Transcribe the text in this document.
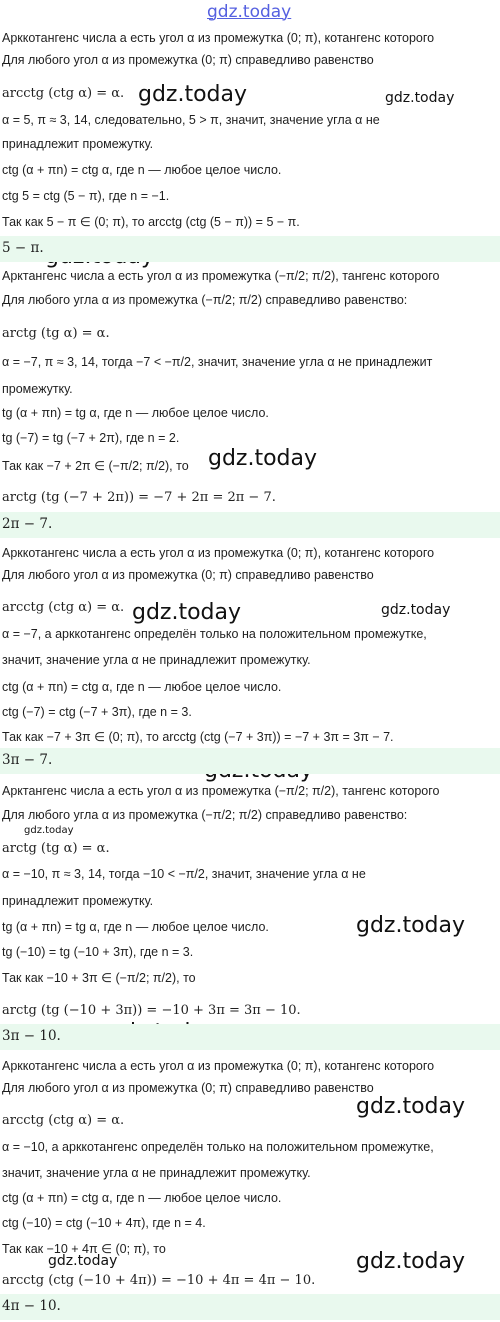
gdz.today
gdz.today	gdz.today
gdz.today
gdz.today	gdz.today
gdz.today
gdz.today
gdz.today
gdz.today	gdz.today
5 − π.
2π − 7.
3π − 7.
3π − 10.
4π − 10.
Арккотангенс числа a есть угол α из промежутка (0; π), котангенс которого
Для любого угол α из промежутка (0; π) справедливо равенство
arcctg (ctg α) = α.
α = 5, π ≈ 3, 14, следовательно, 5 > π, значит, значение угла α не
принадлежит промежутку.
ctg (α + πn) = ctg α, где n — любое целое число.
ctg 5 = ctg (5 − π), где n = −1.
Так как 5 − π ∈ (0; π), то arcctg (ctg (5 − π)) = 5 − π.
Арктангенс числа a есть угол α из промежутка (−π/2; π/2), тангенс которого
Для любого угла α из промежутка (−π/2; π/2) справедливо равенство:
arctg (tg α) = α.
α = −7, π ≈ 3, 14, тогда −7 < −π/2, значит, значение угла α не принадлежит
промежутку.
tg (α + πn) = tg α, где n — любое целое число.
tg (−7) = tg (−7 + 2π), где n = 2.
Так как −7 + 2π ∈ (−π/2; π/2), то
arctg (tg (−7 + 2π)) = −7 + 2π = 2π − 7.
Арккотангенс числа a есть угол α из промежутка (0; π), котангенс которого
Для любого угол α из промежутка (0; π) справедливо равенство
arcctg (ctg α) = α.
α = −7, а арккотангенс определён только на положительном промежутке,
значит, значение угла α не принадлежит промежутку.
ctg (α + πn) = ctg α, где n — любое целое число.
ctg (−7) = ctg (−7 + 3π), где n = 3.
Так как −7 + 3π ∈ (0; π), то arcctg (ctg (−7 + 3π)) = −7 + 3π = 3π − 7.
Арктангенс числа a есть угол α из промежутка (−π/2; π/2), тангенс которого
Для любого угла α из промежутка (−π/2; π/2) справедливо равенство:
arctg (tg α) = α.
α = −10, π ≈ 3, 14, тогда −10 < −π/2, значит, значение угла α не
принадлежит промежутку.
tg (α + πn) = tg α, где n — любое целое число.
tg (−10) = tg (−10 + 3π), где n = 3.
Так как −10 + 3π ∈ (−π/2; π/2), то
arctg (tg (−10 + 3π)) = −10 + 3π = 3π − 10.
Арккотангенс числа a есть угол α из промежутка (0; π), котангенс которого
Для любого угол α из промежутка (0; π) справедливо равенство
arcctg (ctg α) = α.
α = −10, а арккотангенс определён только на положительном промежутке,
значит, значение угла α не принадлежит промежутку.
ctg (α + πn) = ctg α, где n — любое целое число.
ctg (−10) = ctg (−10 + 4π), где n = 4.
Так как −10 + 4π ∈ (0; π), то
arcctg (ctg (−10 + 4π)) = −10 + 4π = 4π − 10.
